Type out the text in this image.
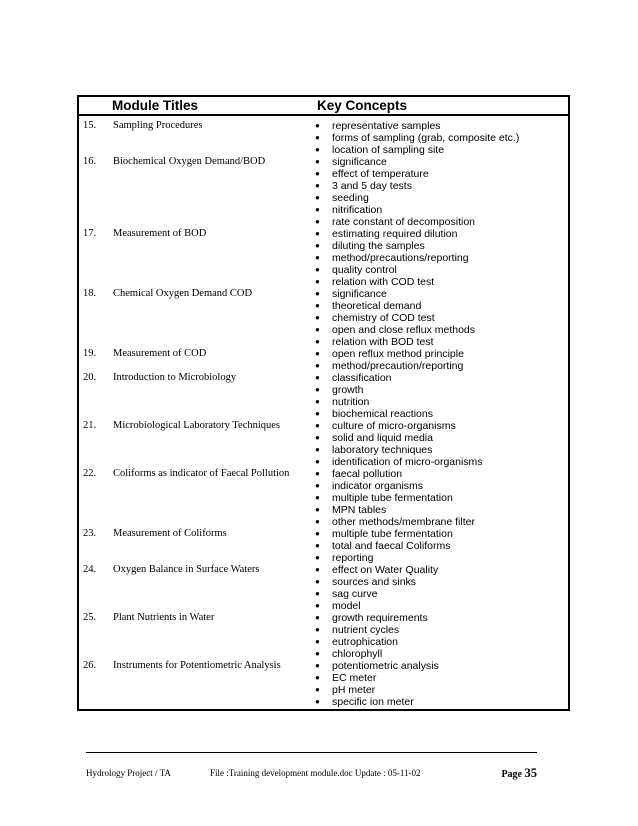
Module Titles	Key Concepts
15. Sampling Procedures	● representative samples
● forms of sampling (grab, composite etc.)
● location of sampling site
16. Biochemical Oxygen Demand/BOD	● significance
● effect of temperature
● 3 and 5 day tests
● seeding
● nitrification
● rate constant of decomposition
17. Measurement of BOD	● estimating required dilution
● diluting the samples
● method/precautions/reporting
● quality control
● relation with COD test
18. Chemical Oxygen Demand COD	● significance
● theoretical demand
● chemistry of COD test
● open and close reflux methods
● relation with BOD test
19. Measurement of COD	● open reflux method principle
● method/precaution/reporting
20. Introduction to Microbiology	● classification
● growth
● nutrition
● biochemical reactions
21. Microbiological Laboratory Techniques	● culture of micro-organisms
● solid and liquid media
● laboratory techniques
● identification of micro-organisms
22. Coliforms as indicator of Faecal Pollution	● faecal pollution
● indicator organisms
● multiple tube fermentation
● MPN tables
● other methods/membrane filter
23. Measurement of Coliforms	● multiple tube fermentation
● total and faecal Coliforms
● reporting
24. Oxygen Balance in Surface Waters	● effect on Water Quality
● sources and sinks
● sag curve
● model
25. Plant Nutrients in Water	● growth requirements
● nutrient cycles
● eutrophication
● chlorophyll
26. Instruments for Potentiometric Analysis	● potentiometric analysis
● EC meter
● pH meter
● specific ion meter
Hydrology Project / TA	File :Training development module.doc Update : 05-11-02	Page 35
